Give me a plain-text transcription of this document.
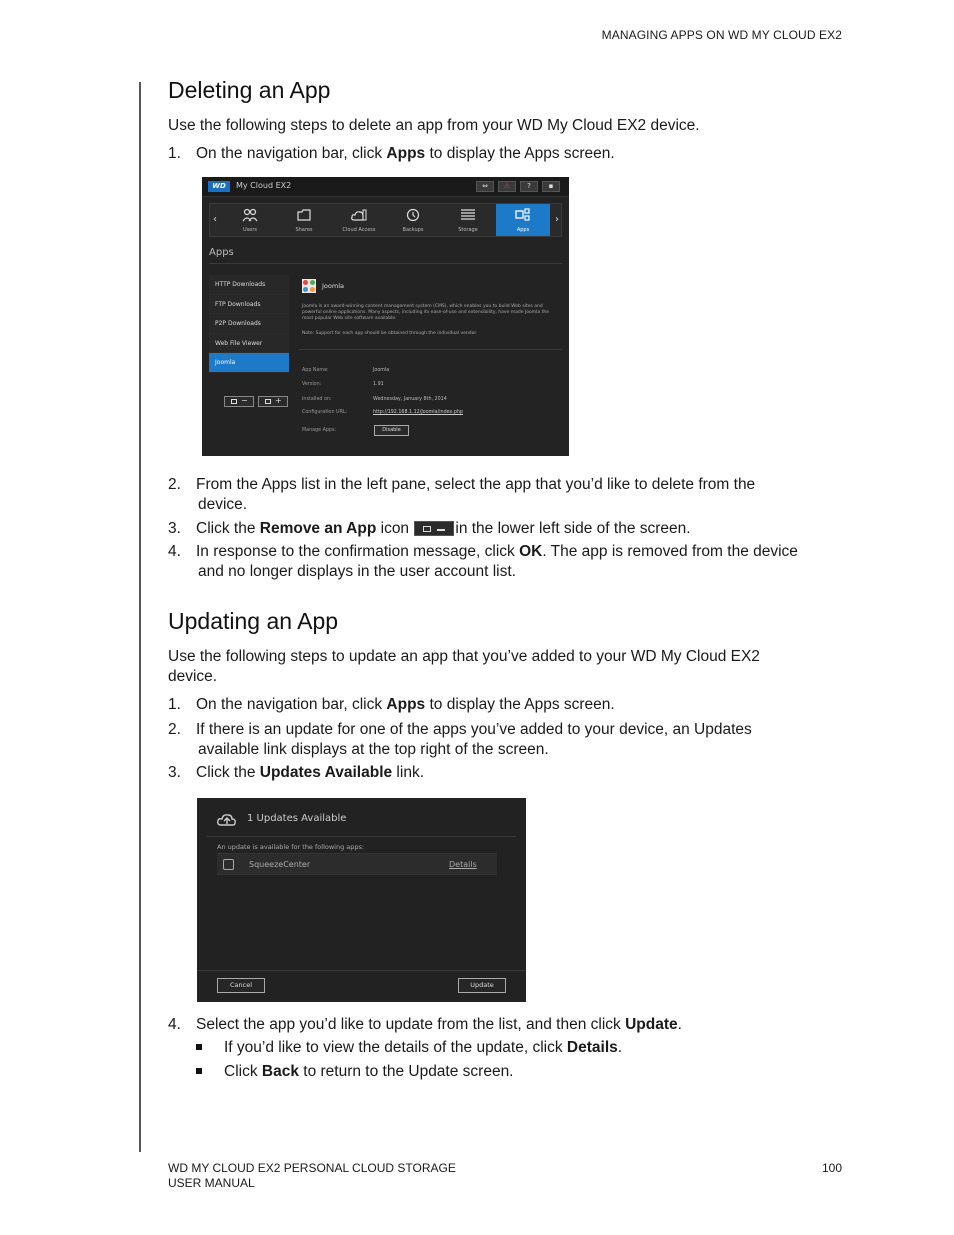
MANAGING APPS ON WD MY CLOUD EX2
Deleting an App
Use the following steps to delete an app from your WD My Cloud EX2 device.
1. On the navigation bar, click Apps to display the Apps screen.
2. From the Apps list in the left pane, select the app that you’d like to delete from the
device.
3. Click the Remove an App icon	in the lower left side of the screen.
4. In response to the confirmation message, click OK. The app is removed from the device
and no longer displays in the user account list.
Updating an App
Use the following steps to update an app that you’ve added to your WD My Cloud EX2
device.
1. On the navigation bar, click Apps to display the Apps screen.
2. If there is an update for one of the apps you’ve added to your device, an Updates
available link displays at the top right of the screen.
3. Click the Updates Available link.
4. Select the app you’d like to update from the list, and then click Update.
If you’d like to view the details of the update, click Details.
Click Back to return to the Update screen.
WD	My Cloud EX2	⇔	⚠	?	▪
‹
Users	Shares	Cloud Access	Backups	Storage	Apps
›
Apps
HTTP Downloads
FTP Downloads
P2P Downloads
Web File Viewer
Joomla
−	+
Joomla
Joomla is an award-winning content management system (CMS), which enables you to build Web sites and powerful online applications. Many aspects, including its ease-of-use and extensibility, have made Joomla the most popular Web site software available.
Note: Support for each app should be obtained through the individual vendor.
App Name:	Joomla
Version:	1.91
Installed on:	Wednesday, January 8th, 2014
Configuration URL:	http://192.168.1.12/Joomla/index.php
Manage Apps:	Disable
1 Updates Available
An update is available for the following apps:
SqueezeCenter	Details
Cancel	Update
WD MY CLOUD EX2 PERSONAL CLOUD STORAGE
USER MANUAL
100
